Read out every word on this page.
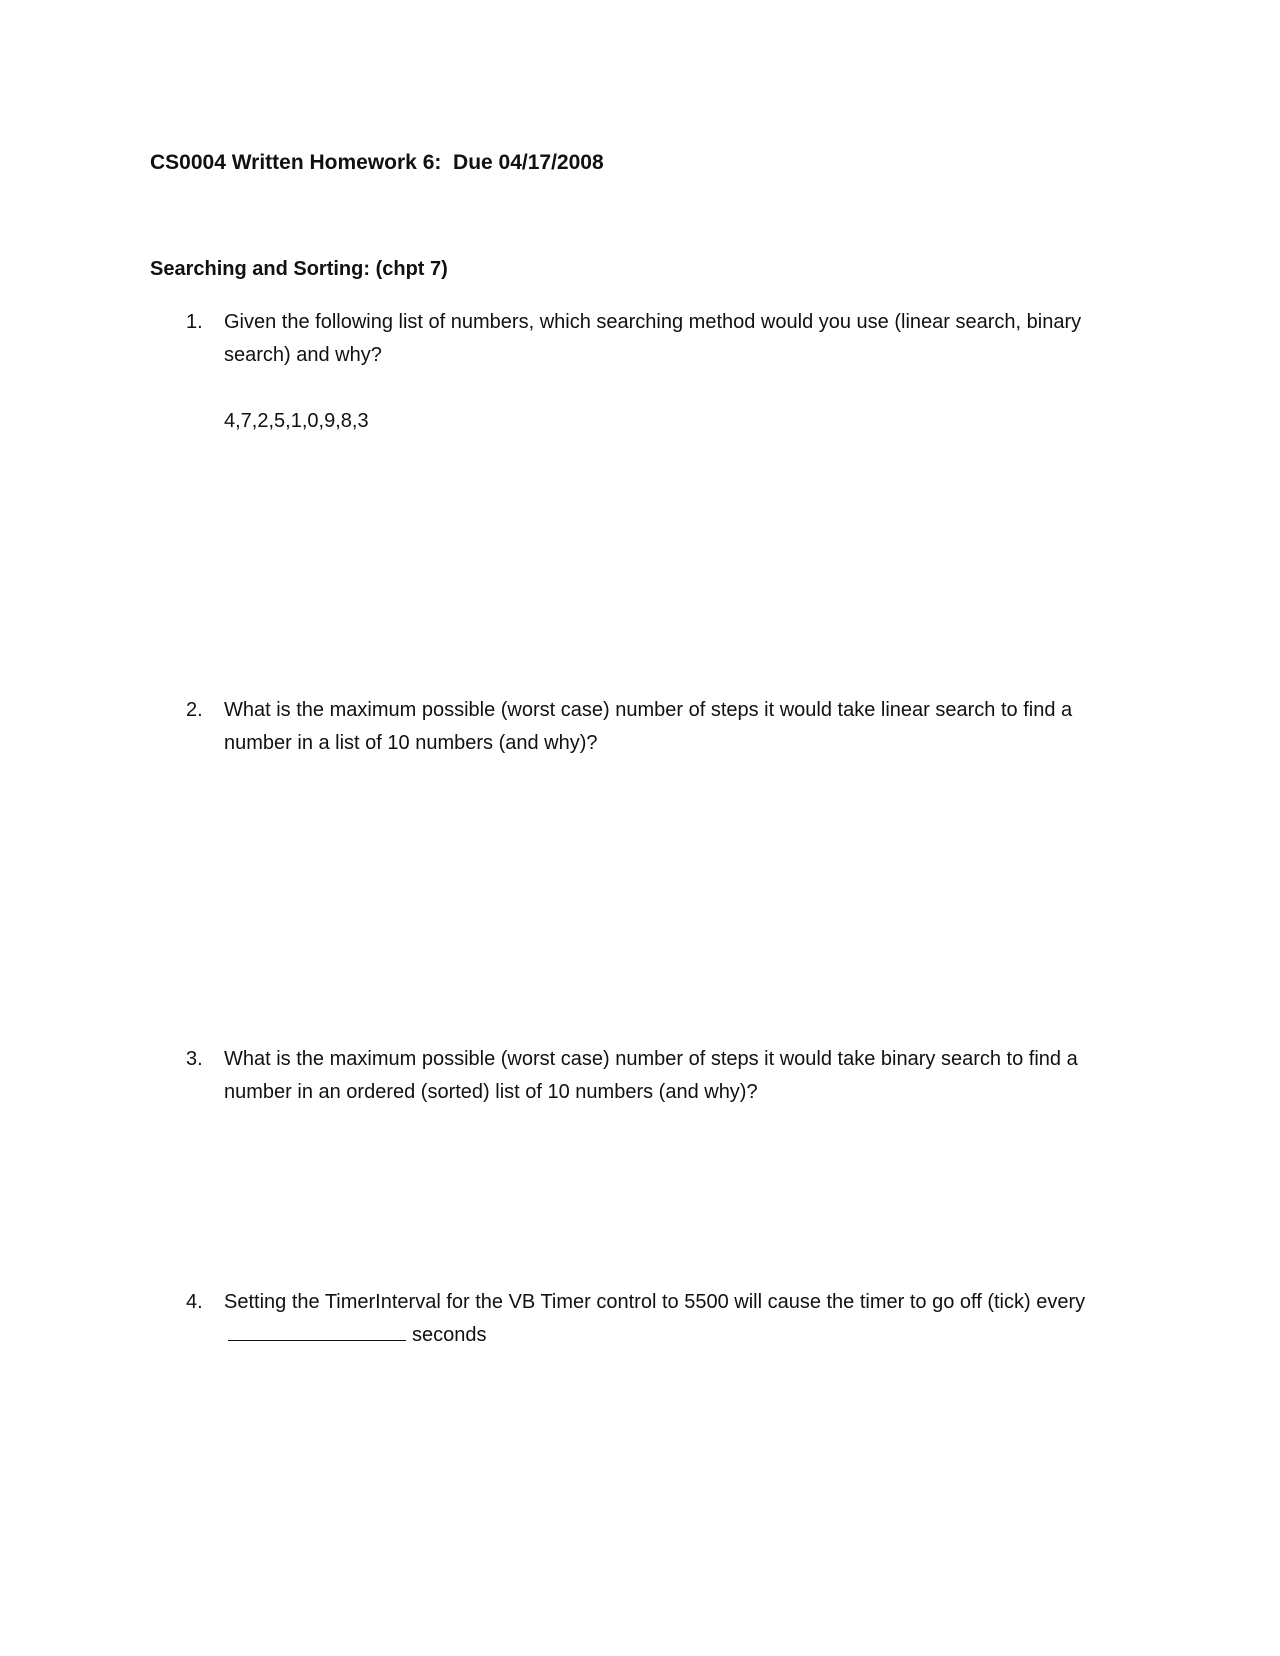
CS0004 Written Homework 6:  Due 04/17/2008
Searching and Sorting: (chpt 7)
1.	Given the following list of numbers, which searching method would you use (linear search, binary search) and why?
4,7,2,5,1,0,9,8,3
2.	What is the maximum possible (worst case) number of steps it would take linear search to find a number in a list of 10 numbers (and why)?
3.	What is the maximum possible (worst case) number of steps it would take binary search to find a number in an ordered (sorted) list of 10 numbers (and why)?
4.	Setting the TimerInterval for the VB Timer control to 5500 will cause the timer to go off (tick) everyseconds
